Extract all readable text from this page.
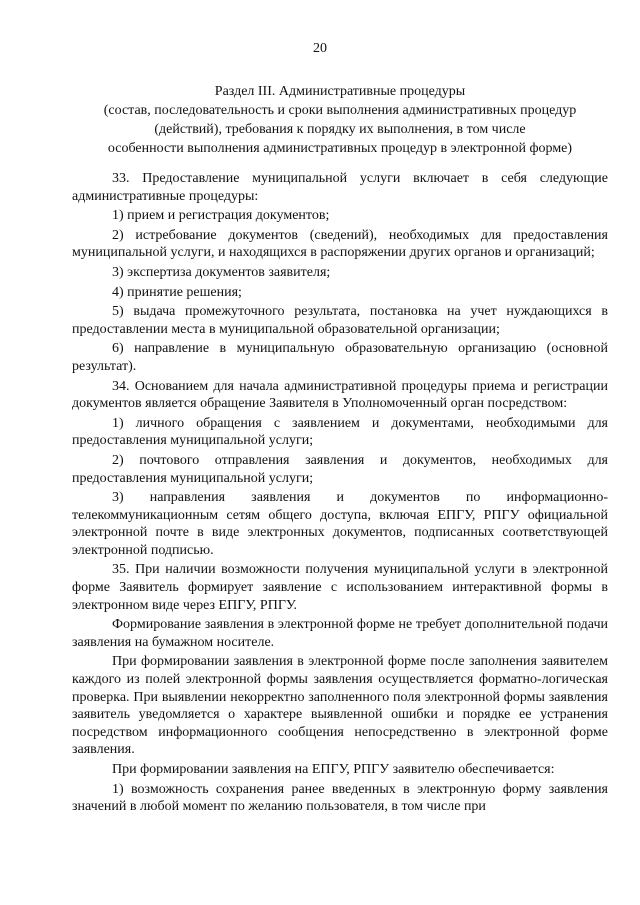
20
Раздел III. Административные процедуры
(состав, последовательность и сроки выполнения административных процедур
(действий), требования к порядку их выполнения, в том числе
особенности выполнения административных процедур в электронной форме)

33. Предоставление муниципальной услуги включает в себя следующие административные процедуры:

1) прием и регистрация документов;

2) истребование документов (сведений), необходимых для предоставления муниципальной услуги, и находящихся в распоряжении других органов и организаций;

3) экспертиза документов заявителя;

4) принятие решения;

5) выдача промежуточного результата, постановка на учет нуждающихся в предоставлении места в муниципальной образовательной организации;

6) направление в муниципальную образовательную организацию (основной результат).

34. Основанием для начала административной процедуры приема и регистрации документов является обращение Заявителя в Уполномоченный орган посредством:

1) личного обращения с заявлением и документами, необходимыми для предоставления муниципальной услуги;

2) почтового отправления заявления и документов, необходимых для предоставления муниципальной услуги;

3) направления заявления и документов по информационно-телекоммуникационным сетям общего доступа, включая ЕПГУ, РПГУ официальной электронной почте в виде электронных документов, подписанных соответствующей электронной подписью.

35. При наличии возможности получения муниципальной услуги в электронной форме Заявитель формирует заявление с использованием интерактивной формы в электронном виде через ЕПГУ, РПГУ.

Формирование заявления в электронной форме не требует дополнительной подачи заявления на бумажном носителе.

При формировании заявления в электронной форме после заполнения заявителем каждого из полей электронной формы заявления осуществляется форматно-логическая проверка. При выявлении некорректно заполненного поля электронной формы заявления заявитель уведомляется о характере выявленной ошибки и порядке ее устранения посредством информационного сообщения непосредственно в электронной форме заявления.

При формировании заявления на ЕПГУ, РПГУ заявителю обеспечивается:

1) возможность сохранения ранее введенных в электронную форму заявления значений в любой момент по желанию пользователя, в том числе при
